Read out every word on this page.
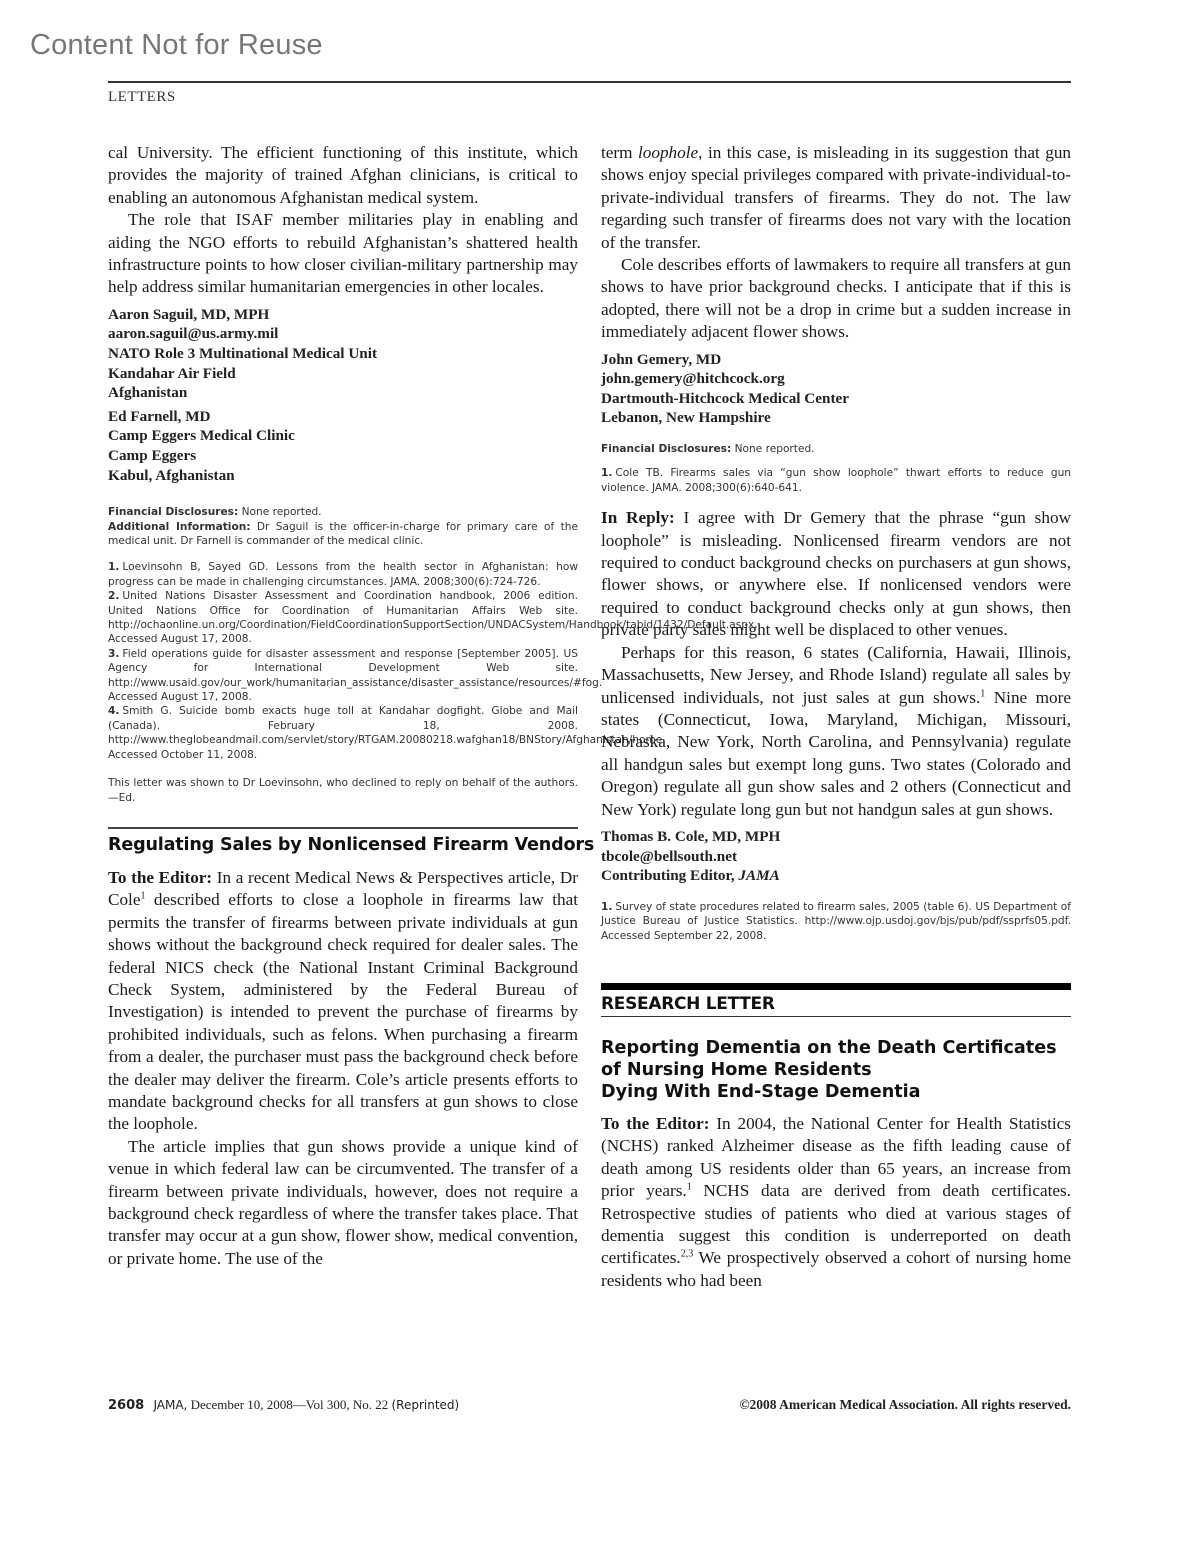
Content Not for Reuse
LETTERS

cal University. The efficient functioning of this institute, which provides the majority of trained Afghan clinicians, is critical to enabling an autonomous Afghanistan medical system.

The role that ISAF member militaries play in enabling and aiding the NGO efforts to rebuild Afghanistan’s shattered health infrastructure points to how closer civilian-military partnership may help address similar humanitarian emergencies in other locales.

Aaron Saguil, MD, MPH
aaron.saguil@us.army.mil
NATO Role 3 Multinational Medical Unit
Kandahar Air Field
Afghanistan
Ed Farnell, MD
Camp Eggers Medical Clinic
Camp Eggers
Kabul, Afghanistan
Financial Disclosures: None reported.
Additional Information: Dr Saguil is the officer-in-charge for primary care of the medical unit. Dr Farnell is commander of the medical clinic.
1. Loevinsohn B, Sayed GD. Lessons from the health sector in Afghanistan: how progress can be made in challenging circumstances. JAMA. 2008;300(6):724-726.
2. United Nations Disaster Assessment and Coordination handbook, 2006 edition. United Nations Office for Coordination of Humanitarian Affairs Web site. http://ochaonline.un.org/Coordination/FieldCoordinationSupportSection/UNDACSystem/Handbook/tabid/1432/Default.aspx. Accessed August 17, 2008.
3. Field operations guide for disaster assessment and response [September 2005]. US Agency for International Development Web site. http://www.usaid.gov/our_work/humanitarian_assistance/disaster_assistance/resources/#fog. Accessed August 17, 2008.
4. Smith G. Suicide bomb exacts huge toll at Kandahar dogfight. Globe and Mail (Canada). February 18, 2008. http://www.theglobeandmail.com/servlet/story/RTGAM.20080218.wafghan18/BNStory/Afghanistan/home. Accessed October 11, 2008.
This letter was shown to Dr Loevinsohn, who declined to reply on behalf of the authors. —Ed.
Regulating Sales by Nonlicensed Firearm Vendors

To the Editor: In a recent Medical News & Perspectives article, Dr Cole$^1$ described efforts to close a loophole in firearms law that permits the transfer of firearms between private individuals at gun shows without the background check required for dealer sales. The federal NICS check (the National Instant Criminal Background Check System, administered by the Federal Bureau of Investigation) is intended to prevent the purchase of firearms by prohibited individuals, such as felons. When purchasing a firearm from a dealer, the purchaser must pass the background check before the dealer may deliver the firearm. Cole’s article presents efforts to mandate background checks for all transfers at gun shows to close the loophole.

The article implies that gun shows provide a unique kind of venue in which federal law can be circumvented. The transfer of a firearm between private individuals, however, does not require a background check regardless of where the transfer takes place. That transfer may occur at a gun show, flower show, medical convention, or private home. The use of the

term loophole, in this case, is misleading in its suggestion that gun shows enjoy special privileges compared with private-individual-to-private-individual transfers of firearms. They do not. The law regarding such transfer of firearms does not vary with the location of the transfer.

Cole describes efforts of lawmakers to require all transfers at gun shows to have prior background checks. I anticipate that if this is adopted, there will not be a drop in crime but a sudden increase in immediately adjacent flower shows.

John Gemery, MD
john.gemery@hitchcock.org
Dartmouth-Hitchcock Medical Center
Lebanon, New Hampshire
Financial Disclosures: None reported.
1. Cole TB. Firearms sales via “gun show loophole” thwart efforts to reduce gun violence. JAMA. 2008;300(6):640-641.

In Reply: I agree with Dr Gemery that the phrase “gun show loophole” is misleading. Nonlicensed firearm vendors are not required to conduct background checks on purchasers at gun shows, flower shows, or anywhere else. If nonlicensed vendors were required to conduct background checks only at gun shows, then private party sales might well be displaced to other venues.

Perhaps for this reason, 6 states (California, Hawaii, Illinois, Massachusetts, New Jersey, and Rhode Island) regulate all sales by unlicensed individuals, not just sales at gun shows.$^1$ Nine more states (Connecticut, Iowa, Maryland, Michigan, Missouri, Nebraska, New York, North Carolina, and Pennsylvania) regulate all handgun sales but exempt long guns. Two states (Colorado and Oregon) regulate all gun show sales and 2 others (Connecticut and New York) regulate long gun but not handgun sales at gun shows.

Thomas B. Cole, MD, MPH
tbcole@bellsouth.net
Contributing Editor, JAMA
1. Survey of state procedures related to firearm sales, 2005 (table 6). US Department of Justice Bureau of Justice Statistics. http://www.ojp.usdoj.gov/bjs/pub/pdf/ssprfs05.pdf. Accessed September 22, 2008.
RESEARCH LETTER
Reporting Dementia on the Death Certificates
of Nursing Home Residents
Dying With End-Stage Dementia

To the Editor: In 2004, the National Center for Health Statistics (NCHS) ranked Alzheimer disease as the fifth leading cause of death among US residents older than 65 years, an increase from prior years.$^1$ NCHS data are derived from death certificates. Retrospective studies of patients who died at various stages of dementia suggest this condition is underreported on death certificates.$^{2,3}$ We prospectively observed a cohort of nursing home residents who had been

2608 JAMA, December 10, 2008—Vol 300, No. 22 (Reprinted)	©2008 American Medical Association. All rights reserved.
